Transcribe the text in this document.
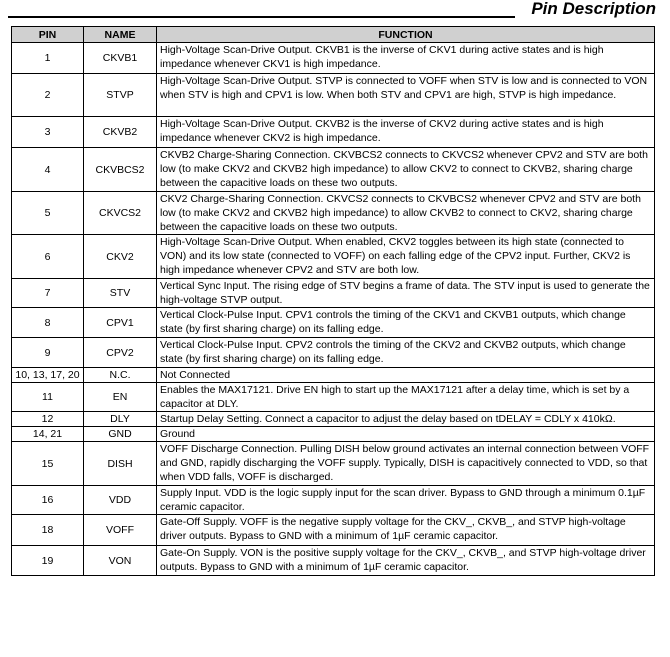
Pin Description
PIN	NAME	FUNCTION
1	CKVB1	High-Voltage Scan-Drive Output. CKVB1 is the inverse of CKV1 during active states and is high impedance whenever CKV1 is high impedance.
2	STVP	High-Voltage Scan-Drive Output. STVP is connected to VOFF when STV is low and is connected to VON when STV is high and CPV1 is low. When both STV and CPV1 are high, STVP is high impedance.
3	CKVB2	High-Voltage Scan-Drive Output. CKVB2 is the inverse of CKV2 during active states and is high impedance whenever CKV2 is high impedance.
4	CKVBCS2	CKVB2 Charge-Sharing Connection. CKVBCS2 connects to CKVCS2 whenever CPV2 and STV are both low (to make CKV2 and CKVB2 high impedance) to allow CKV2 to connect to CKVB2, sharing charge between the capacitive loads on these two outputs.
5	CKVCS2	CKV2 Charge-Sharing Connection. CKVCS2 connects to CKVBCS2 whenever CPV2 and STV are both low (to make CKV2 and CKVB2 high impedance) to allow CKVB2 to connect to CKV2, sharing charge between the capacitive loads on these two outputs.
6	CKV2	High-Voltage Scan-Drive Output. When enabled, CKV2 toggles between its high state (connected to VON) and its low state (connected to VOFF) on each falling edge of the CPV2 input. Further, CKV2 is high impedance whenever CPV2 and STV are both low.
7	STV	Vertical Sync Input. The rising edge of STV begins a frame of data. The STV input is used to generate the high-voltage STVP output.
8	CPV1	Vertical Clock-Pulse Input. CPV1 controls the timing of the CKV1 and CKVB1 outputs, which change state (by first sharing charge) on its falling edge.
9	CPV2	Vertical Clock-Pulse Input. CPV2 controls the timing of the CKV2 and CKVB2 outputs, which change state (by first sharing charge) on its falling edge.
10, 13, 17, 20	N.C.	Not Connected
11	EN	Enables the MAX17121. Drive EN high to start up the MAX17121 after a delay time, which is set by a capacitor at DLY.
12	DLY	Startup Delay Setting. Connect a capacitor to adjust the delay based on tDELAY = CDLY x 410kΩ.
14, 21	GND	Ground
15	DISH	VOFF Discharge Connection. Pulling DISH below ground activates an internal connection between VOFF and GND, rapidly discharging the VOFF supply. Typically, DISH is capacitively connected to VDD, so that when VDD falls, VOFF is discharged.
16	VDD	Supply Input. VDD is the logic supply input for the scan driver. Bypass to GND through a minimum 0.1µF ceramic capacitor.
18	VOFF	Gate-Off Supply. VOFF is the negative supply voltage for the CKV_, CKVB_, and STVP high-voltage driver outputs. Bypass to GND with a minimum of 1µF ceramic capacitor.
19	VON	Gate-On Supply. VON is the positive supply voltage for the CKV_, CKVB_, and STVP high-voltage driver outputs. Bypass to GND with a minimum of 1µF ceramic capacitor.
